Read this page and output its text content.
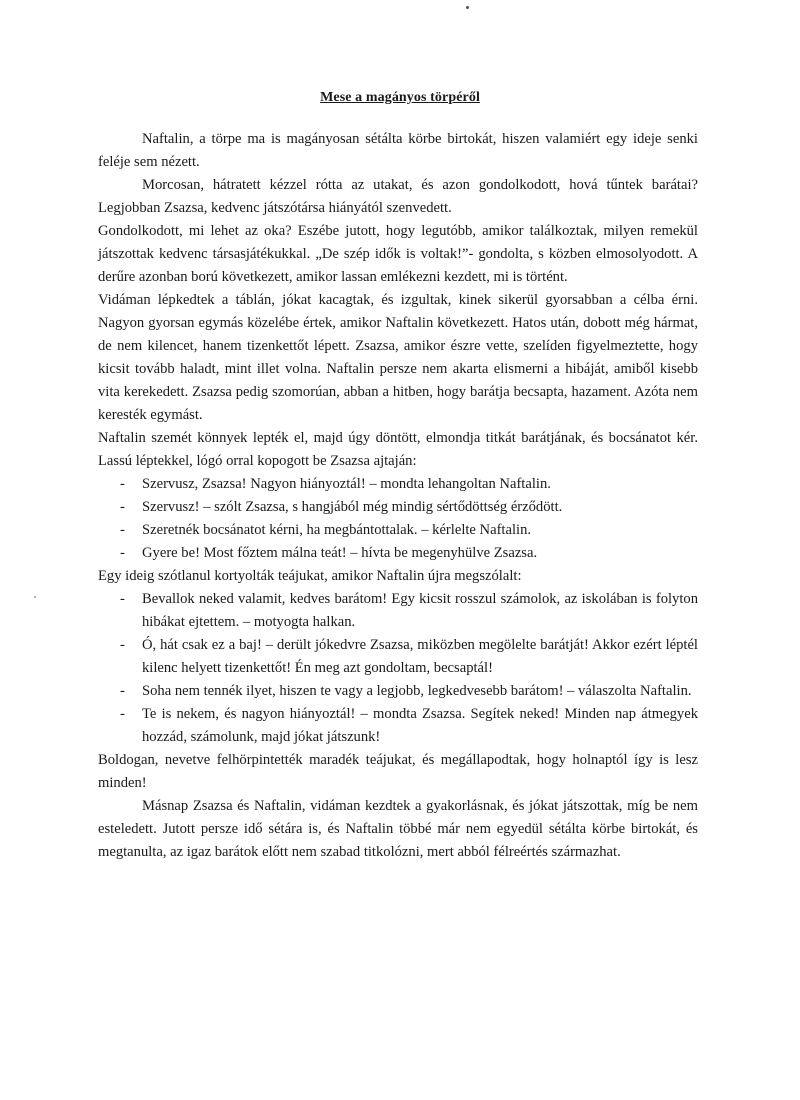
Mese a magányos törpéről

Naftalin, a törpe ma is magányosan sétálta körbe birtokát, hiszen valamiért egy ideje senki feléje sem nézett.

Morcosan, hátratett kézzel rótta az utakat, és azon gondolkodott, hová tűntek barátai? Legjobban Zsazsa, kedvenc játszótársa hiányától szenvedett.

Gondolkodott, mi lehet az oka? Eszébe jutott, hogy legutóbb, amikor találkoztak, milyen remekül játszottak kedvenc társasjátékukkal. „De szép idők is voltak!”- gondolta, s közben elmosolyodott. A derűre azonban ború következett, amikor lassan emlékezni kezdett, mi is történt.

Vidáman lépkedtek a táblán, jókat kacagtak, és izgultak, kinek sikerül gyorsabban a célba érni. Nagyon gyorsan egymás közelébe értek, amikor Naftalin következett. Hatos után, dobott még hármat, de nem kilencet, hanem tizenkettőt lépett. Zsazsa, amikor észre vette, szelíden figyelmeztette, hogy kicsit tovább haladt, mint illet volna. Naftalin persze nem akarta elismerni a hibáját, amiből kisebb vita kerekedett. Zsazsa pedig szomorúan, abban a hitben, hogy barátja becsapta, hazament. Azóta nem keresték egymást.

Naftalin szemét könnyek lepték el, majd úgy döntött, elmondja titkát barátjának, és bocsánatot kér. Lassú léptekkel, lógó orral kopogott be Zsazsa ajtaján:

- Szervusz, Zsazsa! Nagyon hiányoztál! – mondta lehangoltan Naftalin.
- Szervusz! – szólt Zsazsa, s hangjából még mindig sértődöttség érződött.
- Szeretnék bocsánatot kérni, ha megbántottalak. – kérlelte Naftalin.
- Gyere be! Most főztem málna teát! – hívta be megenyhülve Zsazsa.

Egy ideig szótlanul kortyolták teájukat, amikor Naftalin újra megszólalt:

- Bevallok neked valamit, kedves barátom! Egy kicsit rosszul számolok, az iskolában is folyton hibákat ejtettem. – motyogta halkan.
- Ó, hát csak ez a baj! – derült jókedvre Zsazsa, miközben megölelte barátját! Akkor ezért léptél kilenc helyett tizenkettőt! Én meg azt gondoltam, becsaptál!
- Soha nem tennék ilyet, hiszen te vagy a legjobb, legkedvesebb barátom! – válaszolta Naftalin.
- Te is nekem, és nagyon hiányoztál! – mondta Zsazsa. Segítek neked! Minden nap átmegyek hozzád, számolunk, majd jókat játszunk!

Boldogan, nevetve felhörpintették maradék teájukat, és megállapodtak, hogy holnaptól így is lesz minden!

Másnap Zsazsa és Naftalin, vidáman kezdtek a gyakorlásnak, és jókat játszottak, míg be nem esteledett. Jutott persze idő sétára is, és Naftalin többé már nem egyedül sétálta körbe birtokát, és megtanulta, az igaz barátok előtt nem szabad titkolózni, mert abból félreértés származhat.
